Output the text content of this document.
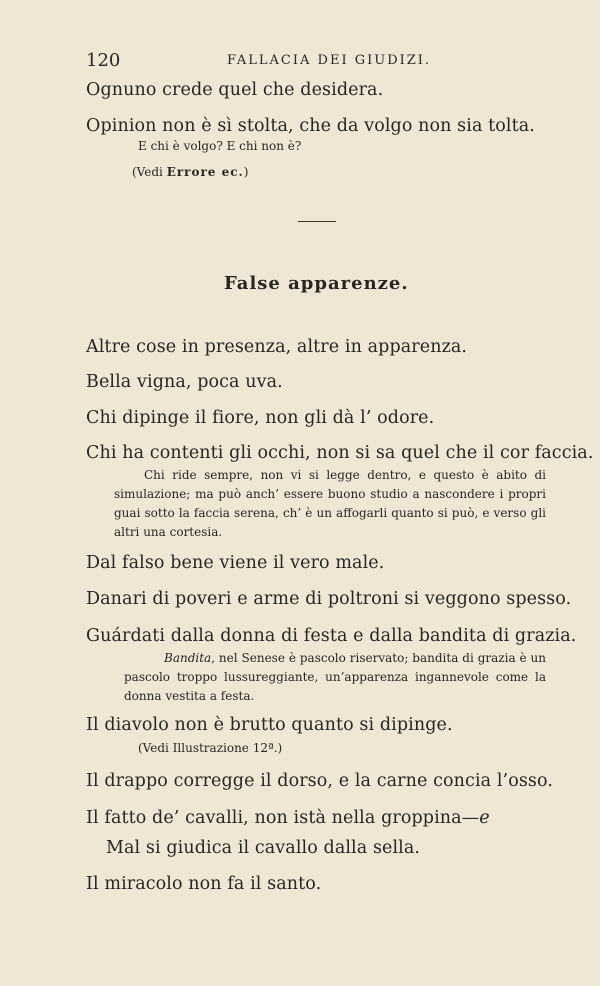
120	FALLACIA DEI GIUDIZI.
Ognuno crede quel che desidera.
Opinion non è sì stolta, che da volgo non sia tolta.
E chi è volgo? E chi non è?
(Vedi Errore ec.)
False apparenze.
Altre cose in presenza, altre in apparenza.
Bella vigna, poca uva.
Chi dipinge il fiore, non gli dà l’ odore.
Chi ha contenti gli occhi, non si sa quel che il cor faccia.
Chi ride sempre, non vi si legge dentro, e questo è abito di simulazione; ma può anch’ essere buono studio a nascondere i propri guai sotto la faccia serena, ch’ è un affogarli quanto si può, e verso gli altri una cortesia.
Dal falso bene viene il vero male.
Danari di poveri e arme di poltroni si veggono spesso.
Guárdati dalla donna di festa e dalla bandita di grazia.
Bandita, nel Senese è pascolo riservato; bandita di grazia è un pascolo troppo lussureggiante, un’apparenza ingannevole come la donna vestita a festa.
Il diavolo non è brutto quanto si dipinge.
(Vedi Illustrazione 12ª.)
Il drappo corregge il dorso, e la carne concia l’osso.
Il fatto de’ cavalli, non istà nella groppina—e
Mal si giudica il cavallo dalla sella.
Il miracolo non fa il santo.
